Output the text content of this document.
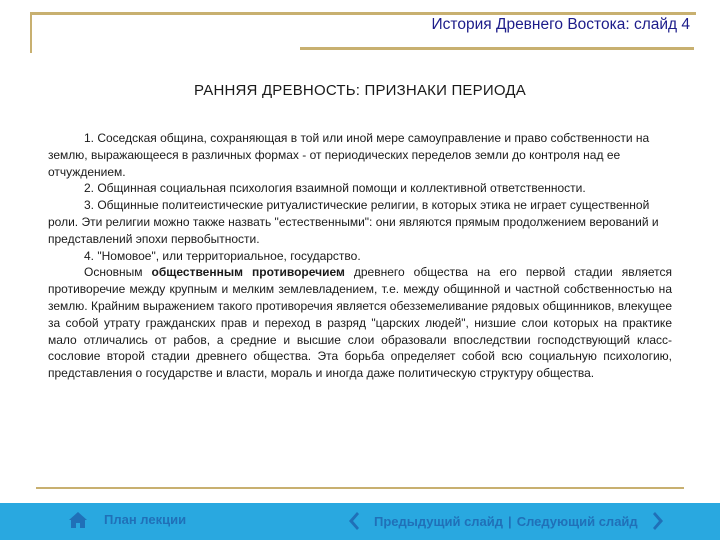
История Древнего Востока: слайд 4
РАННЯЯ ДРЕВНОСТЬ: ПРИЗНАКИ ПЕРИОДА

1. Соседская община, сохраняющая в той или иной мере самоуправление и право собственности на землю, выражающееся в различных формах - от периодических переделов земли до контроля над ее отчуждением.

2. Общинная социальная психология взаимной помощи и коллективной ответственности.

3. Общинные политеистические ритуалистические религии, в которых этика не играет существенной роли. Эти религии можно также назвать "естественными": они являются прямым продолжением верований и представлений эпохи первобытности.

4. "Номовое", или территориальное, государство.

Основным общественным противоречием древнего общества на его первой стадии является противоречие между крупным и мелким землевладением, т.е. между общинной и частной собственностью на землю. Крайним выражением такого противоречия является обезземеливание рядовых общинников, влекущее за собой утрату гражданских прав и переход в разряд "царских людей", низшие слои которых на практике мало отличались от рабов, а средние и высшие слои образовали впоследствии господствующий класс-сословие второй стадии древнего общества. Эта борьба определяет собой всю социальную психологию, представления о государстве и власти, мораль и иногда даже политическую структуру общества.

План лекции	Предыдущий слайд | Следующий слайд
